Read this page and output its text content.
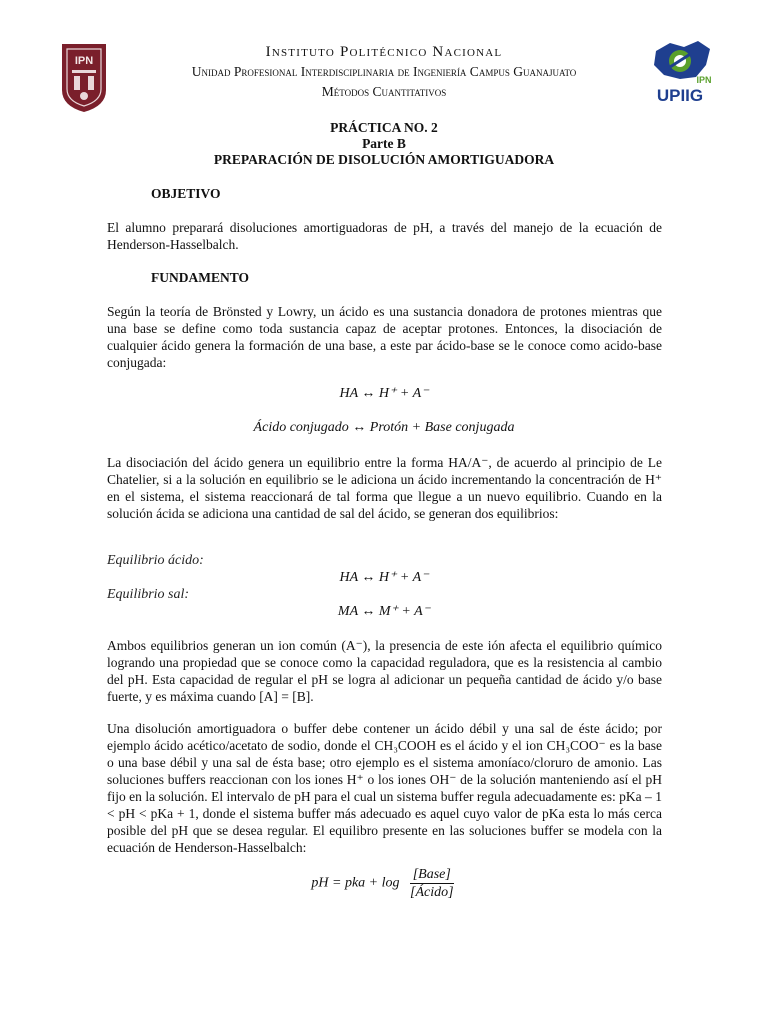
IPN
IPN
UPIIG
Instituto Politécnico Nacional
Unidad Profesional Interdisciplinaria de Ingeniería Campus Guanajuato
Métodos Cuantitativos
PRÁCTICA NO. 2
Parte B
PREPARACIÓN DE DISOLUCIÓN AMORTIGUADORA
OBJETIVO
El alumno preparará disoluciones amortiguadoras de pH, a través del manejo de la ecuación de Henderson-Hasselbalch.
FUNDAMENTO
Según la teoría de Brönsted y Lowry, un ácido es una sustancia donadora de protones mientras que una base se define como toda sustancia capaz de aceptar protones. Entonces, la disociación de cualquier ácido genera la formación de una base, a este par ácido-base se le conoce como acido-base conjugada:
HA ↔ H⁺ + A⁻
Ácido conjugado ↔ Protón + Base conjugada
La disociación del ácido genera un equilibrio entre la forma HA/A⁻, de acuerdo al principio de Le Chatelier, si a la solución en equilibrio se le adiciona un ácido incrementando la concentración de H⁺ en el sistema, el sistema reaccionará de tal forma que llegue a un nuevo equilibrio. Cuando en la solución ácida se adiciona una cantidad de sal del ácido, se generan dos equilibrios:
Equilibrio ácido:
HA ↔ H⁺ + A⁻
Equilibrio sal:
MA ↔ M⁺ + A⁻
Ambos equilibrios generan un ion común (A⁻), la presencia de este ión afecta el equilibrio químico logrando una propiedad que se conoce como la capacidad reguladora, que es la resistencia al cambio del pH. Esta capacidad de regular el pH se logra al adicionar un pequeña cantidad de ácido y/o base fuerte, y es máxima cuando [A] = [B].
Una disolución amortiguadora o buffer debe contener un ácido débil y una sal de éste ácido; por ejemplo ácido acético/acetato de sodio, donde el CH₃COOH es el ácido y el ion CH₃COO⁻ es la base o una base débil y una sal de ésta base; otro ejemplo es el sistema amoníaco/cloruro de amonio. Las soluciones buffers reaccionan con los iones H⁺ o los iones OH⁻ de la solución manteniendo así el pH fijo en la solución. El intervalo de pH para el cual un sistema buffer regula adecuadamente es: pKa – 1 < pH < pKa + 1, donde el sistema buffer más adecuado es aquel cuyo valor de pKa esta lo más cerca posible del pH que se desea regular. El equilibro presente en las soluciones buffer se modela con la ecuación de Henderson-Hasselbalch:
pH = pka + $\log \frac{\text{[Base]}}{\text{[Ácido]}}$
